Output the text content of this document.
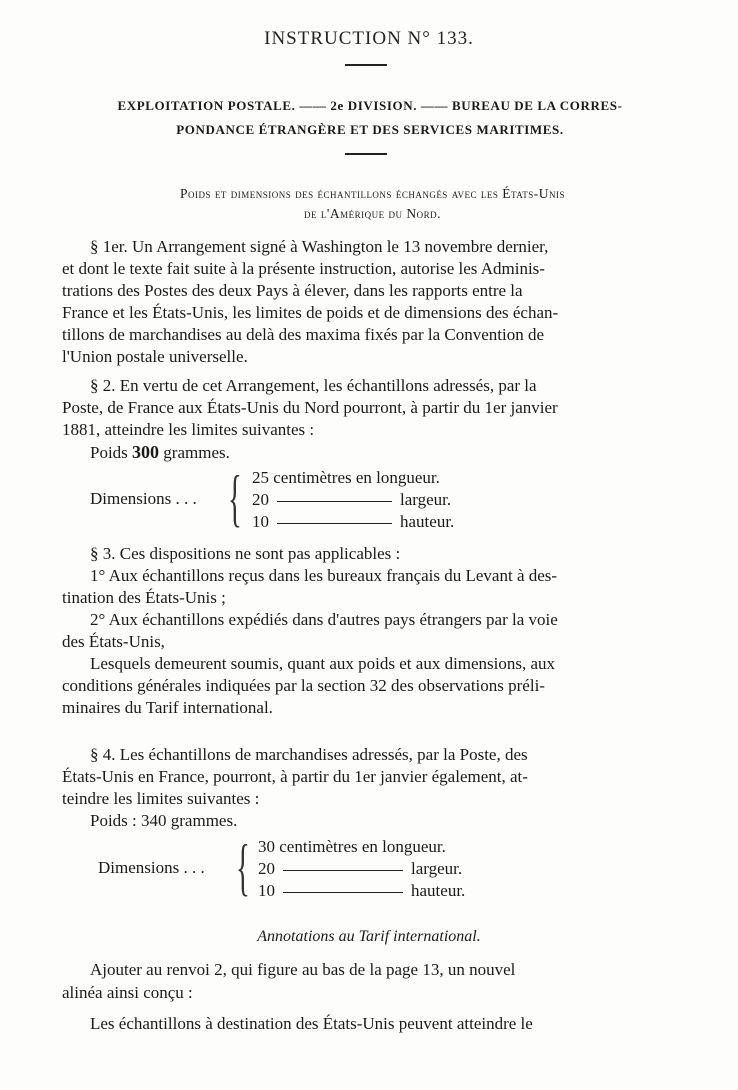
INSTRUCTION N° 133.
EXPLOITATION POSTALE. —— 2e DIVISION. —— BUREAU DE LA CORRES-
PONDANCE ÉTRANGÈRE ET DES SERVICES MARITIMES.
Poids et dimensions des échantillons échangés avec les États-Unis
de l'Amérique du Nord.
§ 1er. Un Arrangement signé à Washington le 13 novembre dernier,
et dont le texte fait suite à la présente instruction, autorise les Adminis-
trations des Postes des deux Pays à élever, dans les rapports entre la
France et les États-Unis, les limites de poids et de dimensions des échan-
tillons de marchandises au delà des maxima fixés par la Convention de
l'Union postale universelle.
§ 2. En vertu de cet Arrangement, les échantillons adressés, par la
Poste, de France aux États-Unis du Nord pourront, à partir du 1er janvier
1881, atteindre les limites suivantes :
Poids 300 grammes.
Dimensions . . . { 25 centimètres en longueur.
20	largeur.
10	hauteur.
§ 3. Ces dispositions ne sont pas applicables :
1° Aux échantillons reçus dans les bureaux français du Levant à des-
tination des États-Unis ;
2° Aux échantillons expédiés dans d'autres pays étrangers par la voie
des États-Unis,
Lesquels demeurent soumis, quant aux poids et aux dimensions, aux
conditions générales indiquées par la section 32 des observations préli-
minaires du Tarif international.
§ 4. Les échantillons de marchandises adressés, par la Poste, des
États-Unis en France, pourront, à partir du 1er janvier également, at-
teindre les limites suivantes :
Poids : 340 grammes.
Dimensions . . . { 30 centimètres en longueur.
20	largeur.
10	hauteur.
Annotations au Tarif international.
Ajouter au renvoi 2, qui figure au bas de la page 13, un nouvel
alinéa ainsi conçu :
Les échantillons à destination des États-Unis peuvent atteindre le
